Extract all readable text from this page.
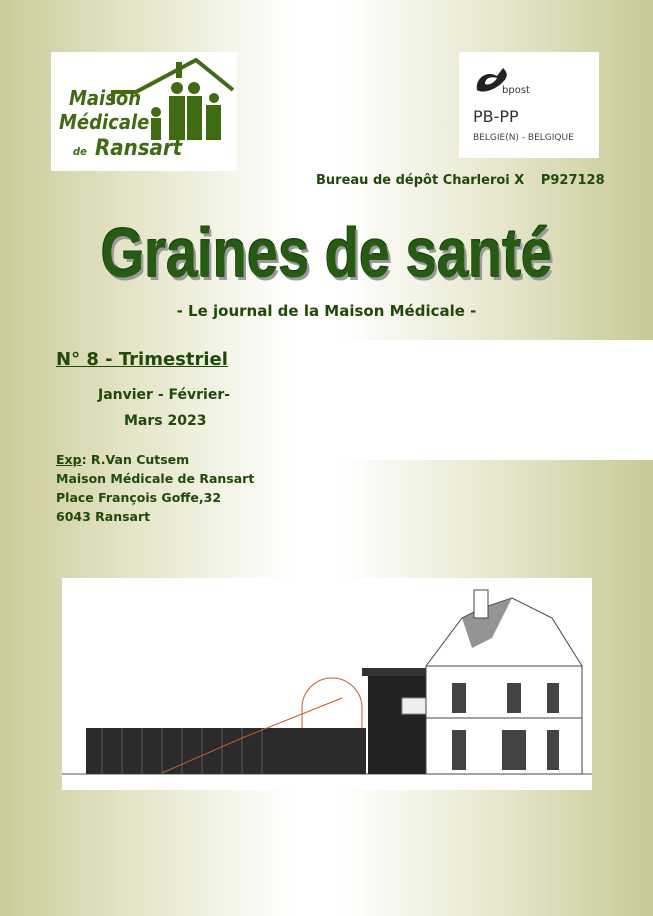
Maison
Médicale
de Ransart
bpost
PB-PP
BELGIE(N) - BELGIQUE
Bureau de dépôt Charleroi X P927128
Graines de santé
- Le journal de la Maison Médicale -
N° 8 - Trimestriel
Janvier - Février-
Mars 2023
Exp: R.Van Cutsem
Maison Médicale de Ransart
Place François Goffe,32
6043 Ransart
